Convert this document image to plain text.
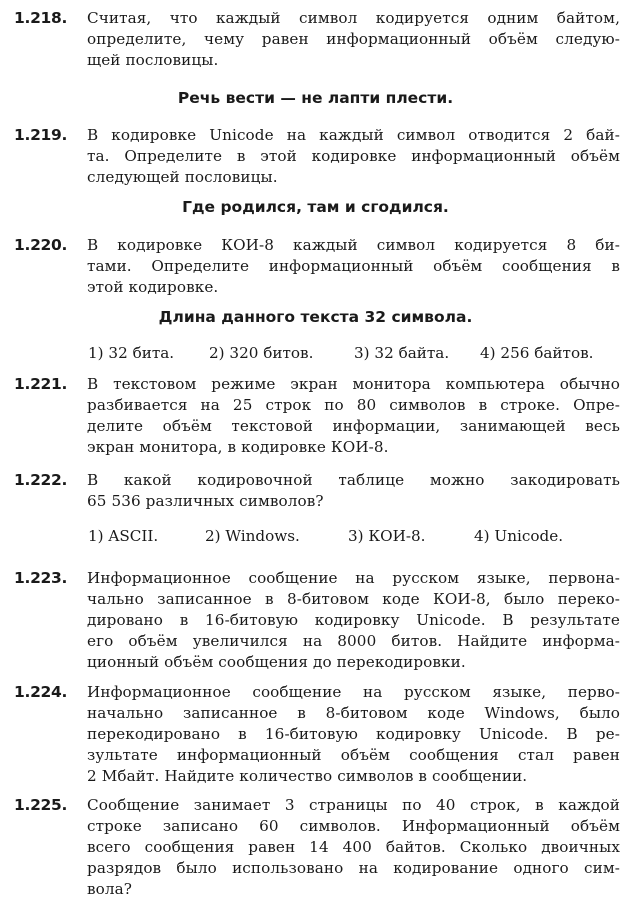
1.218.	Считая, что каждый символ кодируется одним байтом,
определите, чему равен информационный объём следую-
щей пословицы.
Речь вести — не лапти плести.
1.219.	В кодировке Unicode на каждый символ отводится 2 бай-
та. Определите в этой кодировке информационный объём
следующей пословицы.
Где родился, там и сгодился.
1.220.	В кодировке КОИ-8 каждый символ кодируется 8 би-
тами. Определите информационный объём сообщения в
этой кодировке.
Длина данного текста 32 символа.
1) 32 бита. 2) 320 битов.	3) 32 байта. 4) 256 байтов.
1.221.	В текстовом режиме экран монитора компьютера обычно
разбивается на 25 строк по 80 символов в строке. Опре-
делите объём текстовой информации, занимающей весь
экран монитора, в кодировке КОИ-8.
1.222.	В какой кодировочной таблице можно закодировать
65 536 различных символов?
1) ASCII.	2) Windows.	3) КОИ-8.	4) Unicode.
1.223.	Информационное сообщение на русском языке, первона-
чально записанное в 8-битовом коде КОИ-8, было переко-
дировано в 16-битовую кодировку Unicode. В результате
его объём увеличился на 8000 битов. Найдите информа-
ционный объём сообщения до перекодировки.
1.224.	Информационное сообщение на русском языке, перво-
начально записанное в 8-битовом коде Windows, было
перекодировано в 16-битовую кодировку Unicode. В ре-
зультате информационный объём сообщения стал равен
2 Мбайт. Найдите количество символов в сообщении.
1.225.	Сообщение занимает 3 страницы по 40 строк, в каждой
строке записано 60 символов. Информационный объём
всего сообщения равен 14 400 байтов. Сколько двоичных
разрядов было использовано на кодирование одного сим-
вола?
